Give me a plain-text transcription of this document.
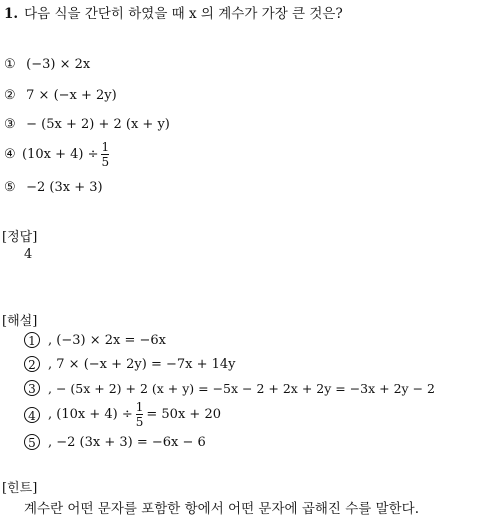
1. 다음 식을 간단히 하였을 때 x 의 계수가 가장 큰 것은?
① (−3) × 2x
② 7 × (−x + 2y)
③ − (5x + 2) + 2 (x + y)
④ $(10x + 4) \div \frac{1}{5}$
⑤ −2 (3x + 3)
[정답]
4
[해설]
1 , (−3) × 2x = −6x
2 , 7 × (−x + 2y) = −7x + 14y
3 , − (5x + 2) + 2 (x + y) = −5x − 2 + 2x + 2y = −3x + 2y − 2
4 , $(10x + 4) \div \frac{1}{5} = 50x + 20$
5 , −2 (3x + 3) = −6x − 6
[힌트]
계수란 어떤 문자를 포함한 항에서 어떤 문자에 곱해진 수를 말한다.
